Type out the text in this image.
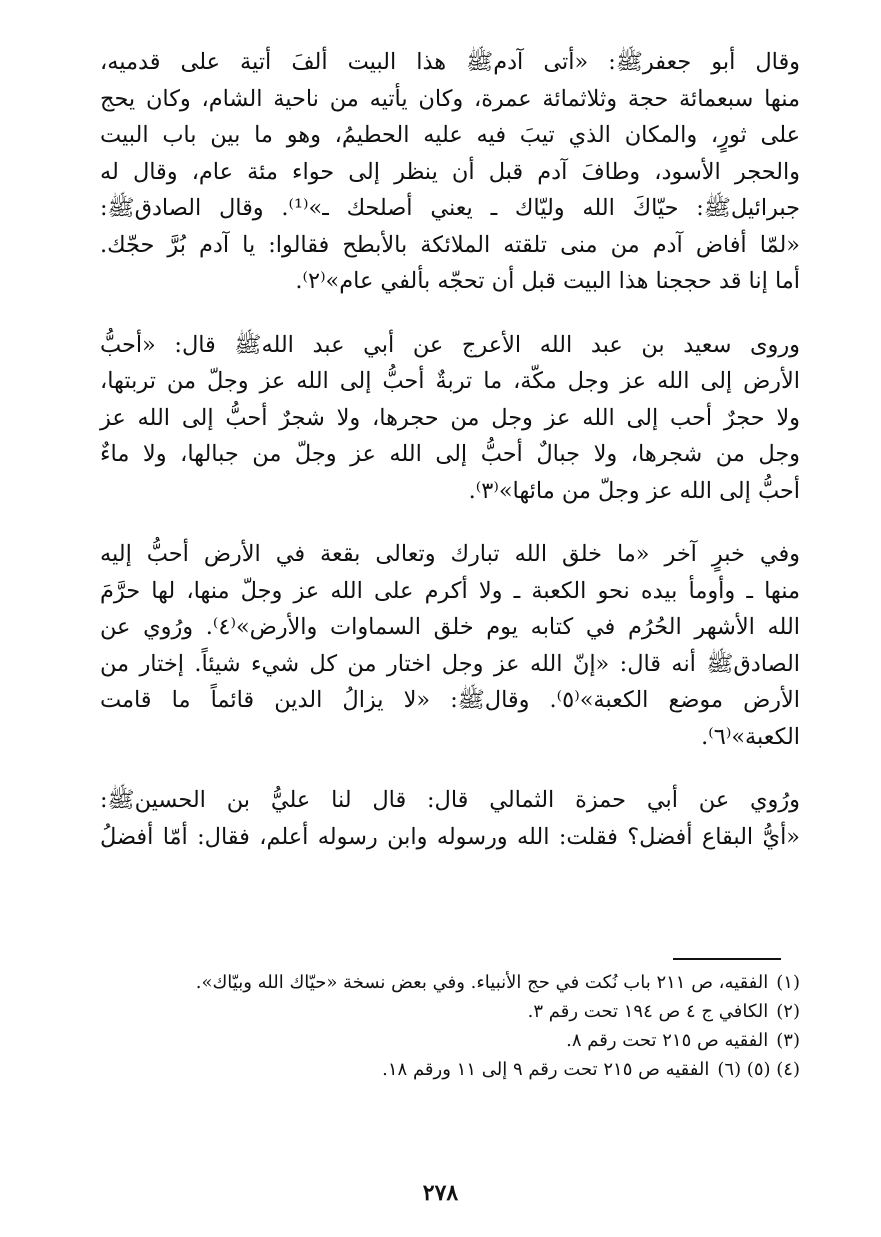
وقال أبو جعفرﷺ: «أتى آدمﷺ هذا البيت ألفَ أتية على قدميه،
منها سبعمائة حجة وثلاثمائة عمرة، وكان يأتيه من ناحية الشام، وكان يحج
على ثورٍ، والمكان الذي تيبَ فيه عليه الحطيمُ، وهو ما بين باب البيت
والحجر الأسود، وطافَ آدم قبل أن ينظر إلى حواء مئة عام، وقال له
جبرائيلﷺ: حيّاكَ الله وليّاك ـ يعني أصلحك ـ»⁽¹⁾. وقال الصادقﷺ:
«لمّا أفاض آدم من منى تلقته الملائكة بالأبطح فقالوا: يا آدم بُرَّ حجّك.
أما إنا قد حججنا هذا البيت قبل أن تحجّه بألفي عام»⁽٢⁾.
وروى سعيد بن عبد الله الأعرج عن أبي عبد اللهﷺ قال: «أحبُّ
الأرض إلى الله عز وجل مكّة، ما تربةٌ أحبُّ إلى الله عز وجلّ من تربتها،
ولا حجرٌ أحب إلى الله عز وجل من حجرها، ولا شجرٌ أحبُّ إلى الله عز
وجل من شجرها، ولا جبالٌ أحبُّ إلى الله عز وجلّ من جبالها، ولا ماءٌ
أحبُّ إلى الله عز وجلّ من مائها»⁽٣⁾.
وفي خبرٍ آخر «ما خلق الله تبارك وتعالى بقعة في الأرض أحبُّ إليه
منها ـ وأومأ بيده نحو الكعبة ـ ولا أكرم على الله عز وجلّ منها، لها حرَّمَ
الله الأشهر الحُرُم في كتابه يوم خلق السماوات والأرض»⁽٤⁾. ورُوي عن
الصادقﷺ أنه قال: «إنّ الله عز وجل اختار من كل شيء شيئاً. إختار من
الأرض موضع الكعبة»⁽٥⁾. وقالﷺ: «لا يزالُ الدين قائماً ما قامت
الكعبة»⁽٦⁾.
ورُوي عن أبي حمزة الثمالي قال: قال لنا عليُّ بن الحسينﷺ:
«أيُّ البقاع أفضل؟ فقلت: الله ورسوله وابن رسوله أعلم، فقال: أمّا أفضلُ
(١)
الفقيه، ص ٢١١ باب نُكت في حج الأنبياء. وفي بعض نسخة «حيّاك الله وبيّاك».
(٢)
الكافي ج ٤ ص ١٩٤ تحت رقم ٣.
(٣)
الفقيه ص ٢١٥ تحت رقم ٨.
(٤) (٥) (٦)
الفقيه ص ٢١٥ تحت رقم ٩ إلى ١١ ورقم ١٨.
٢٧٨
